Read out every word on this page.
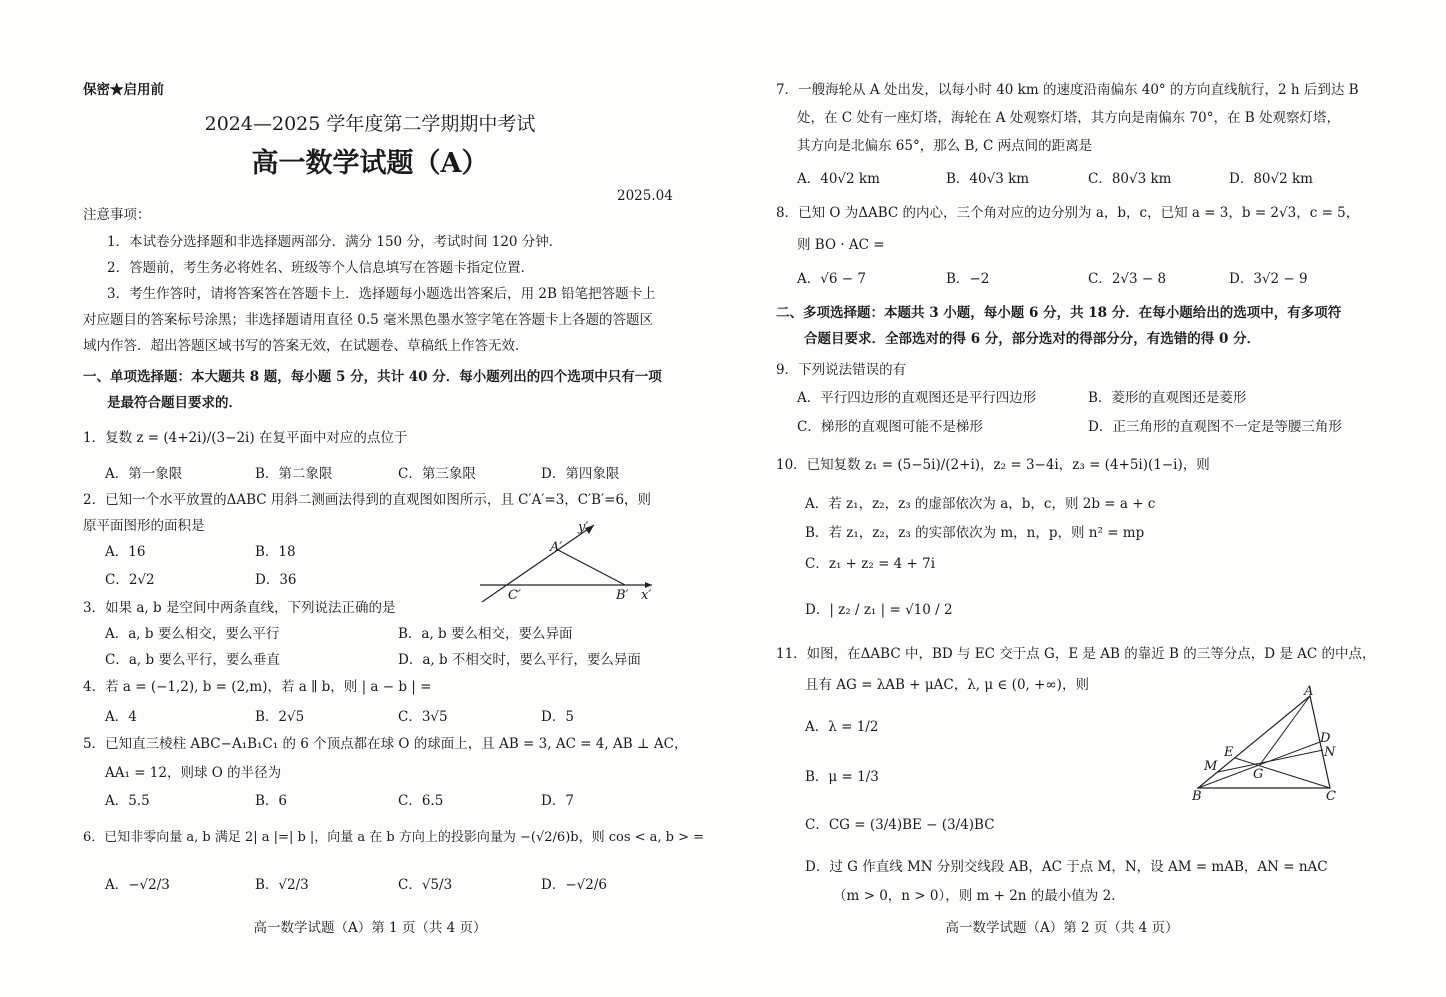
保密★启用前
2024—2025 学年度第二学期期中考试
高一数学试题（A）
2025.04
注意事项：
1．本试卷分选择题和非选择题两部分．满分 150 分，考试时间 120 分钟．
2．答题前，考生务必将姓名、班级等个人信息填写在答题卡指定位置．
3．考生作答时，请将答案答在答题卡上．选择题每小题选出答案后，用 2B 铅笔把答题卡上对应题目的答案标号涂黑；非选择题请用直径 0.5 毫米黑色墨水签字笔在答题卡上各题的答题区域内作答．超出答题区域书写的答案无效，在试题卷、草稿纸上作答无效．
一、单项选择题：本大题共 8 题，每小题 5 分，共计 40 分．每小题列出的四个选项中只有一项是最符合题目要求的．
1．复数 z = (4+2i)/(3−2i) 在复平面中对应的点位于
A．第一象限	B．第二象限	C．第三象限	D．第四象限
2．已知一个水平放置的ΔABC 用斜二测画法得到的直观图如图所示，且 C′A′=3，C′B′=6，则
原平面图形的面积是
A．16	B．18
C．2√2	D．36
y′
x′
A′
B′
C′
3．如果 a, b 是空间中两条直线，下列说法正确的是
A．a, b 要么相交，要么平行	B．a, b 要么相交，要么异面
C．a, b 要么平行，要么垂直	D．a, b 不相交时，要么平行，要么异面
4．若 a = (−1,2), b = (2,m)，若 a ∥ b，则 | a − b | =
A．4	B．2√5	C．3√5	D．5
5．已知直三棱柱 ABC−A₁B₁C₁ 的 6 个顶点都在球 O 的球面上，且 AB = 3, AC = 4, AB ⊥ AC，
AA₁ = 12，则球 O 的半径为
A．5.5	B．6	C．6.5	D．7
6．已知非零向量 a, b 满足 2| a |=| b |，向量 a 在 b 方向上的投影向量为 −(√2/6)b，则 cos < a, b > =
A．−√2/3	B．√2/3	C．√5/3	D．−√2/6
高一数学试题（A）第 1 页（共 4 页）
7．一艘海轮从 A 处出发，以每小时 40 km 的速度沿南偏东 40° 的方向直线航行，2 h 后到达 B
处，在 C 处有一座灯塔，海轮在 A 处观察灯塔，其方向是南偏东 70°，在 B 处观察灯塔，
其方向是北偏东 65°，那么 B, C 两点间的距离是
A．40√2 km	B．40√3 km	C．80√3 km	D．80√2 km
8．已知 O 为ΔABC 的内心，三个角对应的边分别为 a，b，c，已知 a = 3，b = 2√3，c = 5，
则 BO · AC =
A．√6 − 7	B．−2	C．2√3 − 8	D．3√2 − 9
二、多项选择题：本题共 3 小题，每小题 6 分，共 18 分．在每小题给出的选项中，有多项符合题目要求．全部选对的得 6 分，部分选对的得部分分，有选错的得 0 分．
9．下列说法错误的有
A．平行四边形的直观图还是平行四边形	B．菱形的直观图还是菱形
C．梯形的直观图可能不是梯形	D．正三角形的直观图不一定是等腰三角形
10．已知复数 z₁ = (5−5i)/(2+i)，z₂ = 3−4i，z₃ = (4+5i)(1−i)，则
A．若 z₁，z₂，z₃ 的虚部依次为 a，b，c，则 2b = a + c
B．若 z₁，z₂，z₃ 的实部依次为 m，n，p，则 n² = mp
C．z₁ + z₂ = 4 + 7i
D．| z₂ / z₁ | = √10 / 2
11．如图，在ΔABC 中，BD 与 EC 交于点 G，E 是 AB 的靠近 B 的三等分点，D 是 AC 的中点，
且有 AG = λAB + μAC，λ, μ ∈ (0, +∞)，则
A．λ = 1/2
B．μ = 1/3
C．CG = (3/4)BE − (3/4)BC
D．过 G 作直线 MN 分别交线段 AB，AC 于点 M，N，设 AM = mAB，AN = nAC
（m > 0，n > 0），则 m + 2n 的最小值为 2.
A
B	C
D
E
G
M
N
高一数学试题（A）第 2 页（共 4 页）
